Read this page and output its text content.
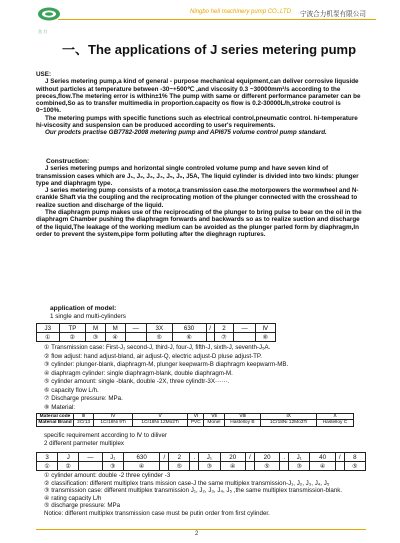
合 力
Ningbo heli machinery pump CO.,LTD 宁波合力机泵有限公司
一、The applications of J series metering pump
USE:
J Series metering pump,a kind of general - purpose mechanical equipment,can deliver corrosive liquside without particles at temperature between -30~+500℃ ,and viscosity 0.3 ~30000mm²/s according to the preces,flow.The metering error is within±1% The pump with same or different performance parameter can be combined,So as to transfer multimedia in proportion.capacity os flow is 0.2-30000L/h,stroke coutrol is 0~100%.
The metering pumps with specific functions such as electrical control,pneumatic control. hi-temperature hi-viscosity and suspension can be produced according to user's requirements.
Our prodcts practise GB7782-2008 metering pump and API675 volume control pump standard.
Construction:
J series metering pumps and horizontal single controled volume pump and have seven kind of transmission cases which are J₁, J₂, J₃, J₄, J₅, J₆, J5A, The liquid cylinder is divided into two kinds: plunger type and diaphragm type.
J series metering pump consists of a motor,a transmission case.the motorpowers the wormwheel and N-crankle Shaft via the coupling and the reciprocating motion of the plunger connected with the crosshead to realize suction and discharge of the liquid.
The diaphragm pump makes use of the reciprocating of the plunger to bring pulse to bear on the oil in the diaphragm Chamber pushing the diaphragm forwards and backwards so as to realize suction and discharge of the liquid,The leakage of the working medium can be avoided as the plunger parled form by diaphragm,In order to prevent the system,pipe form polluting after the dieghragn ruptures.
application of model:
1 single and multi-cylinders
J3	TP	M	M	—	3X	630	/	2	—	Ⅳ
①	②	③	④		⑤	⑥		⑦		⑧
① Transmission case: First-J₁ second-J, third-J, four-J, fifth-J, sixth-J, seventh-J₅A.
② flow adjust: hand adjust-bland, air adjust-Q, electric adjust-D pluse adjust-TP.
③ cylinder: plunger-blank, diaphragm-M, plunger keepwarm-B diaphragm keepwarm-MB.
④ diaphragm cylinder: single diaphragm-blank, double diaphragm-M.
⑤ cylinder amount: single -blank, double -2X, three cylindtr-3X······.
⑥ capacity flow L/h.
⑦ Discharge pressure: MPa.
⑧ Material:
Material code	Ⅲ	Ⅳ	Ⅴ	Ⅵ	Ⅶ	Ⅷ	Ⅸ	Ⅹ
Material Brand	2Cr13	1Cr18Ni 9Ti	1Cr18Ni 12Mo2Ti	PVC	Monel	Hastelloy B	1Cr18Ni 12Mo3Ti	Hastelloy C
specific requirement according to Ⅳ to diliver
2 different parmeter multiplex
3	J	—	J₁	630	/	2	.	J₁	20	/	20	.	J₁	40	/	8
①	②		③	④		⑤		③	④		⑤		③	④		⑤
① cylinder amount: double -2 three cylinder -3
② classification: different multiplex trans mission case-J the same multiplex transmission-J₁, J₂, J₃, J₄, J₅
③ transmission case: different multiplex transmission J₁, J₂, J₃, J₄, J₅ ,the same multiplex transmission-blank.
④ rating capacity L/h
⑤ discharge pressure: MPa
Notice: different multiplex transmission case must be putin order from first cylinder.
2
